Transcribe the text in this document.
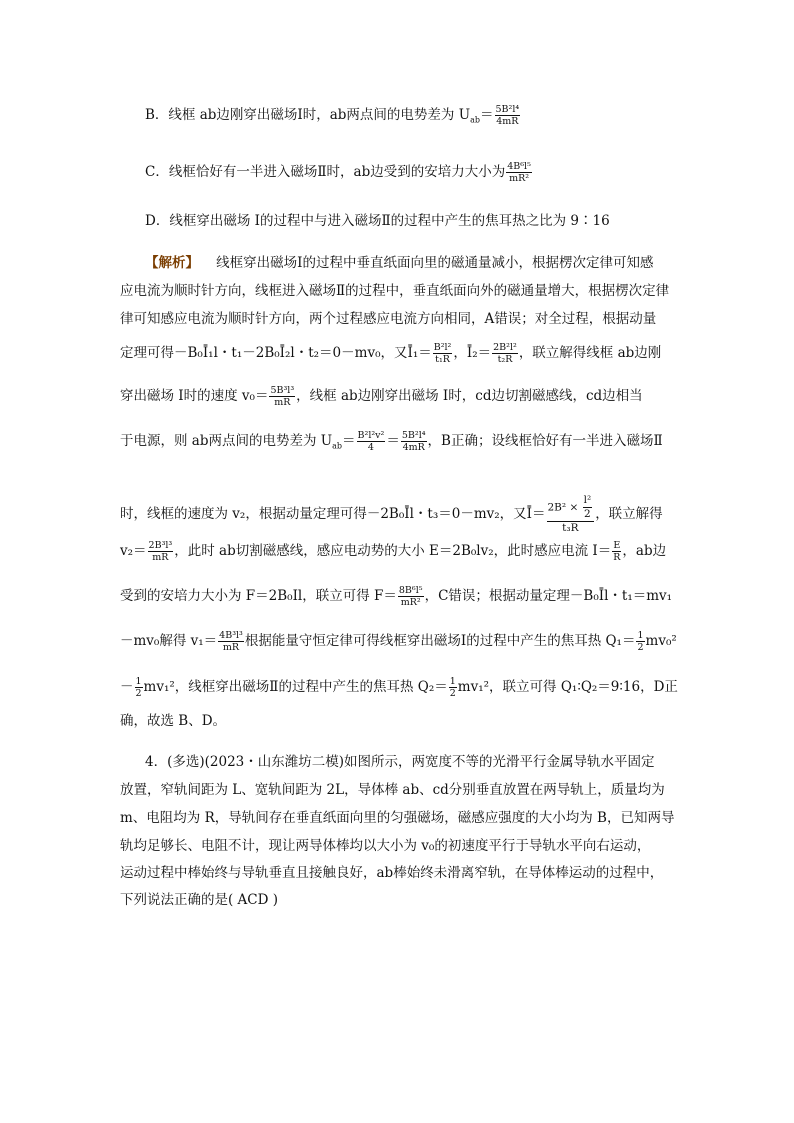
B．线框 ab边刚穿出磁场Ⅰ时，ab两点间的电势差为 $U_{ab}= \frac{\text{5B²l⁴}}{4mR}$
C．线框恰好有一半进入磁场Ⅱ时，ab边受到的安培力大小为 $\frac{\text{4B⁶l⁵}}{\text{mR²}}$
D．线框穿出磁场 I的过程中与进入磁场Ⅱ的过程中产生的焦耳热之比为 9∶16
【解析】 线框穿出磁场Ⅰ的过程中垂直纸面向里的磁通量减小，根据楞次定律可知感
应电流为顺时针方向，线框进入磁场Ⅱ的过程中，垂直纸面向外的磁通量增大，根据楞次定律
律可知感应电流为顺时针方向，两个过程感应电流方向相同，A错误；对全过程，根据动量
定理可得－B₀Ī₁l・t₁－2B₀Ī₂l・t₂＝0－mv₀，又Ī₁＝ $\frac{\text{B²l²}}{\text{t₁R}}$ ，Ī₂＝ $\frac{\text{2B²l²}}{\text{t₂R}}$ ，联立解得线框 ab边刚
穿出磁场 I时的速度 $v_0= \frac{\text{5B³l³}}{mR}$ ，线框 ab边刚穿出磁场 I时，cd边切割磁感线，cd边相当
于电源，则 ab两点间的电势差为 $U_{ab}= \frac{\text{B²l²v²}}{4} = \frac{\text{5B²l⁴}}{4mR}$ ，B正确；设线框恰好有一半进入磁场Ⅱ
时，线框的速度为 v₂，根据动量定理可得－2B₀Īl・t₃＝0－mv₂，又Ī＝ $\frac{2B^2 \times \frac{\text{l²}}{2}}{\text{t₃R}}$ ，联立解得
$v_2= \frac{\text{2B³l³}}{mR}$ ，此时 ab切割磁感线，感应电动势的大小 E＝2B₀lv₂，此时感应电流 $I= \frac{E}{R}$ ，ab边
受到的安培力大小为 F＝2B₀Il，联立可得 $F= \frac{\text{8B⁶l⁵}}{\text{mR²}}$ ，C错误；根据动量定理－B₀Īl・t₁＝mv₁
－mv₀解得 $v_1= \frac{\text{4B³l³}}{mR}$ 根据能量守恒定律可得线框穿出磁场Ⅰ的过程中产生的焦耳热 $Q_1= \frac{1}{2} mv_0^2$
－ $\frac{1}{2} mv_1^2$，线框穿出磁场Ⅱ的过程中产生的焦耳热 $Q_2= \frac{1}{2} mv_1^2$，联立可得 Q₁∶Q₂＝9∶16，D正
确，故选 B、D。
4．(多选)(2023・山东潍坊二模)如图所示，两宽度不等的光滑平行金属导轨水平固定
放置，窄轨间距为 L、宽轨间距为 2L，导体棒 ab、cd分别垂直放置在两导轨上，质量均为
m、电阻均为 R，导轨间存在垂直纸面向里的匀强磁场，磁感应强度的大小均为 B，已知两导
轨均足够长、电阻不计，现让两导体棒均以大小为 v₀的初速度平行于导轨水平向右运动，
运动过程中棒始终与导轨垂直且接触良好，ab棒始终未滑离窄轨，在导体棒运动的过程中，
下列说法正确的是( ACD )
